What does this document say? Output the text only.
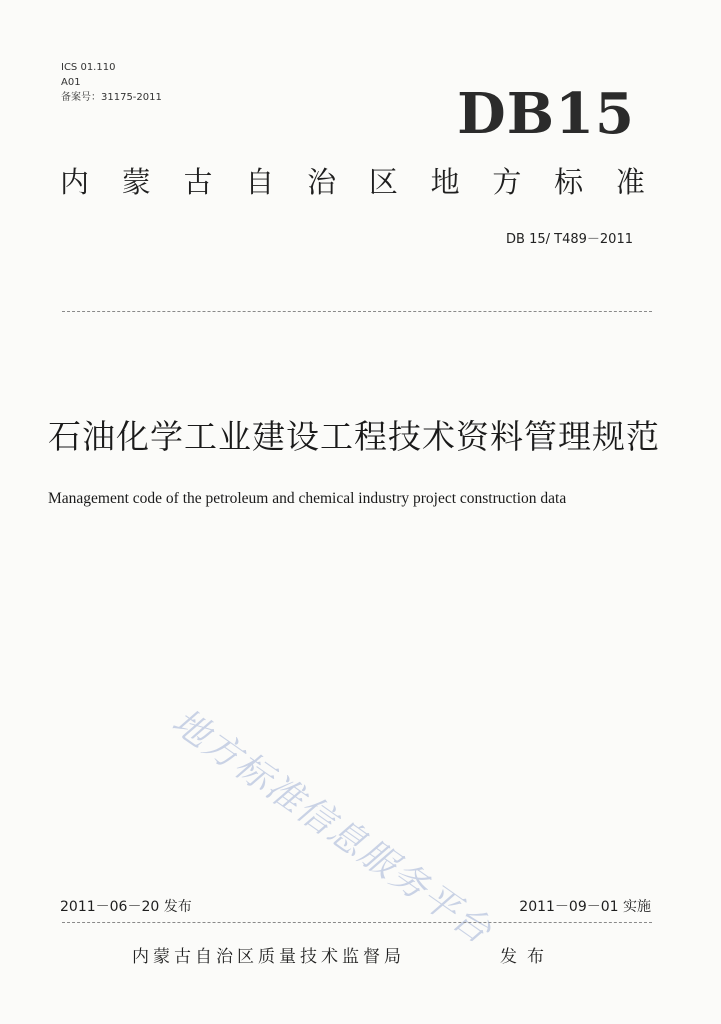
ICS 01.110
A01
备案号：31175-2011	DB15
内 蒙 古 自 治 区 地 方 标 准
DB 15/ T489－2011
石油化学工业建设工程技术资料管理规范
Management code of the petroleum and chemical industry project construction data
地方标准信息服务平台
2011－06－20 发布	2011－09－01 实施
内蒙古自治区质量技术监督局	发布
